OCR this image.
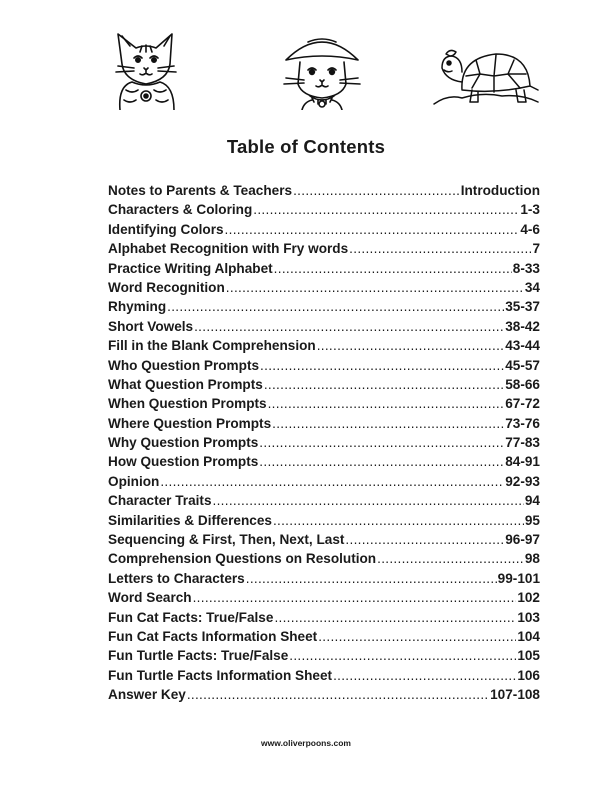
Table of Contents
Notes to Parents & Teachers .....	Introduction
Characters & Coloring .....	1-3
Identifying Colors .....	4-6
Alphabet Recognition with Fry words .....	7
Practice Writing Alphabet .....	8-33
Word Recognition .....	34
Rhyming .....	35-37
Short Vowels .....	38-42
Fill in the Blank Comprehension .....	43-44
Who Question Prompts .....	45-57
What Question Prompts .....	58-66
When Question Prompts .....	67-72
Where Question Prompts .....	73-76
Why Question Prompts .....	77-83
How Question Prompts .....	84-91
Opinion .....	92-93
Character Traits .....	94
Similarities & Differences .....	95
Sequencing & First, Then, Next, Last .....	96-97
Comprehension Questions on Resolution .....	98
Letters to Characters .....	99-101
Word Search .....	102
Fun Cat Facts: True/False .....	103
Fun Cat Facts Information Sheet .....	104
Fun Turtle Facts: True/False .....	105
Fun Turtle Facts Information Sheet .....	106
Answer Key .....	107-108
www.oliverpoons.com
